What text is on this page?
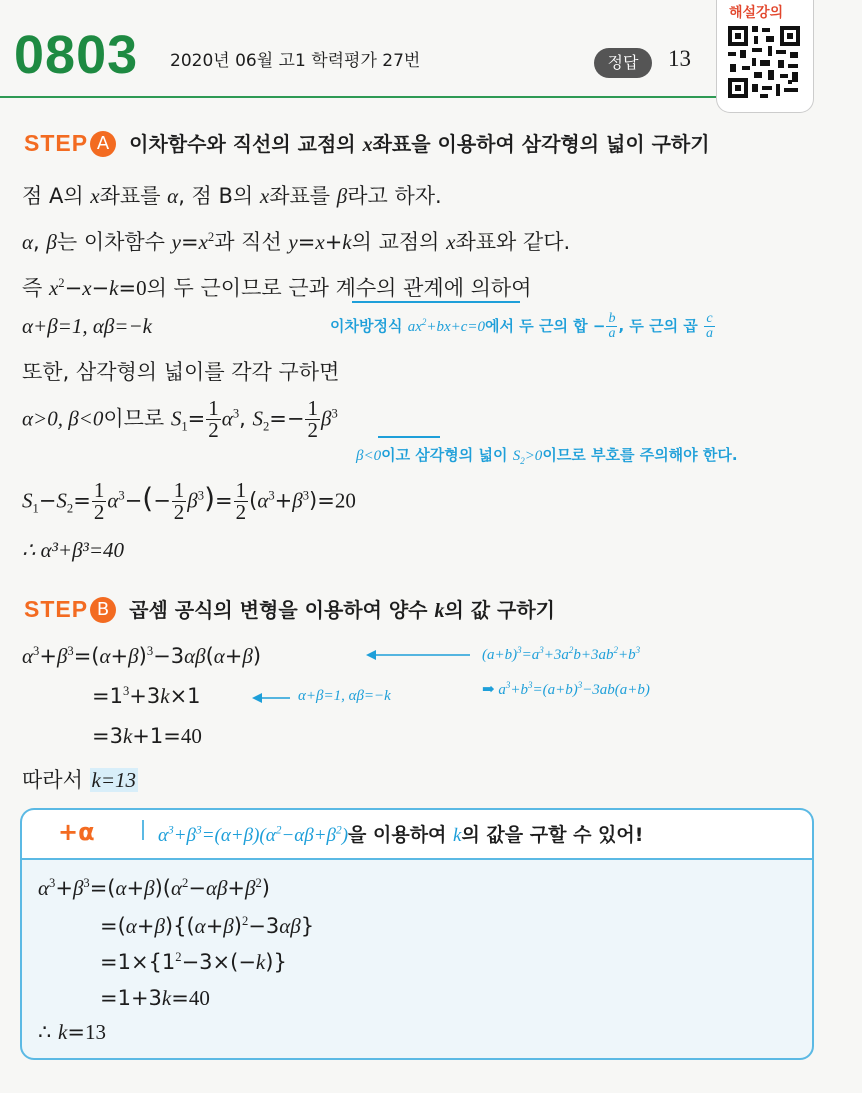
0803 2020년 06월 고1 학력평가 27번	정답	13
해설강의
STEP A 이차함수와 직선의 교점의 x좌표을 이용하여 삼각형의 넓이 구하기
점 A의 x좌표를 α, 점 B의 x좌표를 β라고 하자.
α, β는 이차함수 $y=x^2$과 직선 y=x+k의 교점의 x좌표와 같다.
즉 $x^2-x-k=0$의 두 근이므로 근과 계수의 관계에 의하여
α+β=1, αβ=−k	이차방정식 $ax^2+bx+c=0$에서 두 근의 합 − $\frac{b}{a}$ , 두 근의 곱 $\frac{c}{a}$
또한, 삼각형의 넓이를 각각 구하면
α>0, β<0이므로 $S_1= \frac{1}{2} \alpha^3$, $S_2=- \frac{1}{2} \beta^3$
β<0이고 삼각형의 넓이 $S_2>0$이므로 부호를 주의해야 한다.
$S_1-S_2= \frac{1}{2} \alpha^3-(- \frac{1}{2} \beta^3)= \frac{1}{2} (\alpha^3+\beta^3)=20$
∴ α³+β³=40
STEP B 곱셈 공식의 변형을 이용하여 양수 k의 값 구하기
$\alpha^3+\beta^3=(\alpha+\beta)^3-3\alpha\beta(\alpha+\beta)$	$(a+b)^3=a^3+3a^2b+3ab^2+b^3$
$=1^3+3k\times 1$	α+β=1, αβ=−k	➡ $a^3+b^3=(a+b)^3-3ab(a+b)$
=3k+1=40
따라서 k=13
+α	$\alpha^3+\beta^3=(\alpha+\beta)(\alpha^2-\alpha\beta+\beta^2)$을 이용하여 k의 값을 구할 수 있어!
$\alpha^3+\beta^3=(\alpha+\beta)(\alpha^2-\alpha\beta+\beta^2)$
$=(\alpha+\beta)\{(\alpha+\beta)^2-3\alpha\beta\}$
$=1\times\{1^2-3\times(-k)\}$
=1+3k=40
∴ k=13
